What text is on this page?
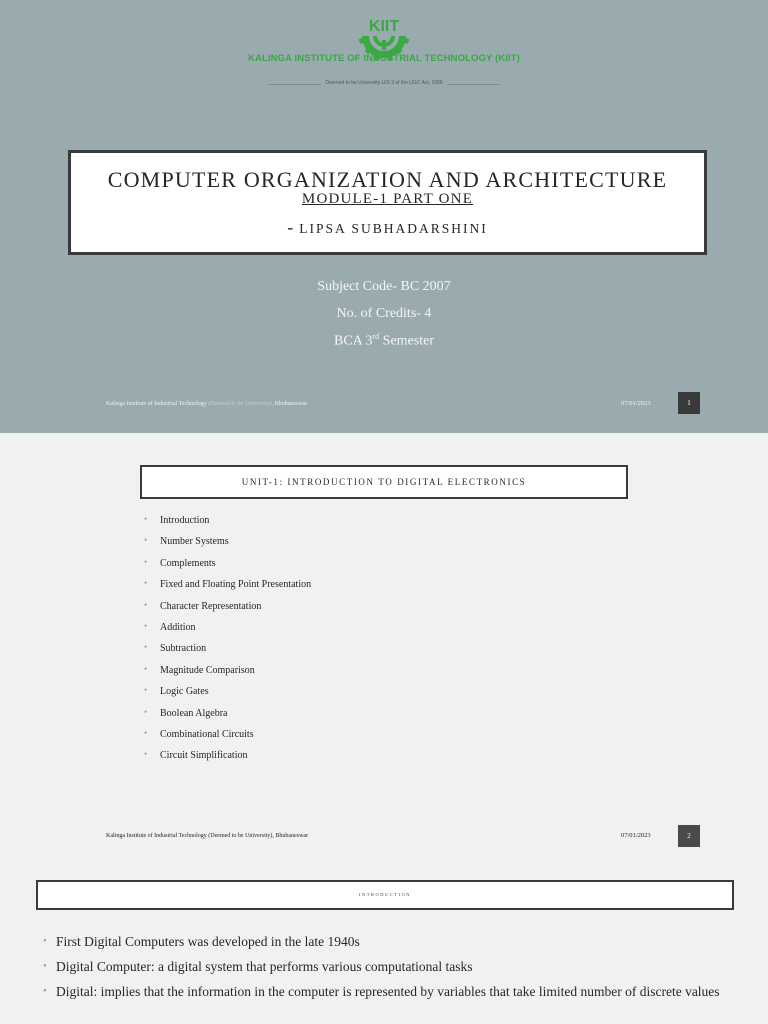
KIIT
KALINGA INSTITUTE OF INDUSTRIAL TECHNOLOGY (KIIT)
Deemed to be University U/S 3 of the UGC Act, 1956
COMPUTER ORGANIZATION AND ARCHITECTURE
MODULE-1 PART ONE
- LIPSA SUBHADARSHINI
Subject Code- BC 2007
No. of Credits- 4
BCA 3rd Semester
Kalinga Institute of Industrial Technology (Deemed to be University), Bhubaneswar	07/01/2023	1
UNIT-1: INTRODUCTION TO DIGITAL ELECTRONICS
• Introduction
• Number Systems
• Complements
• Fixed and Floating Point Presentation
• Character Representation
• Addition
• Subtraction
• Magnitude Comparison
• Logic Gates
• Boolean Algebra
• Combinational Circuits
• Circuit Simplification
Kalinga Institute of Industrial Technology (Deemed to be University), Bhubaneswar	07/01/2023	2
INTRODUCTION
• First Digital Computers was developed in the late 1940s
• Digital Computer: a digital system that performs various computational tasks
• Digital: implies that the information in the computer is represented by variables that take limited number of discrete values
